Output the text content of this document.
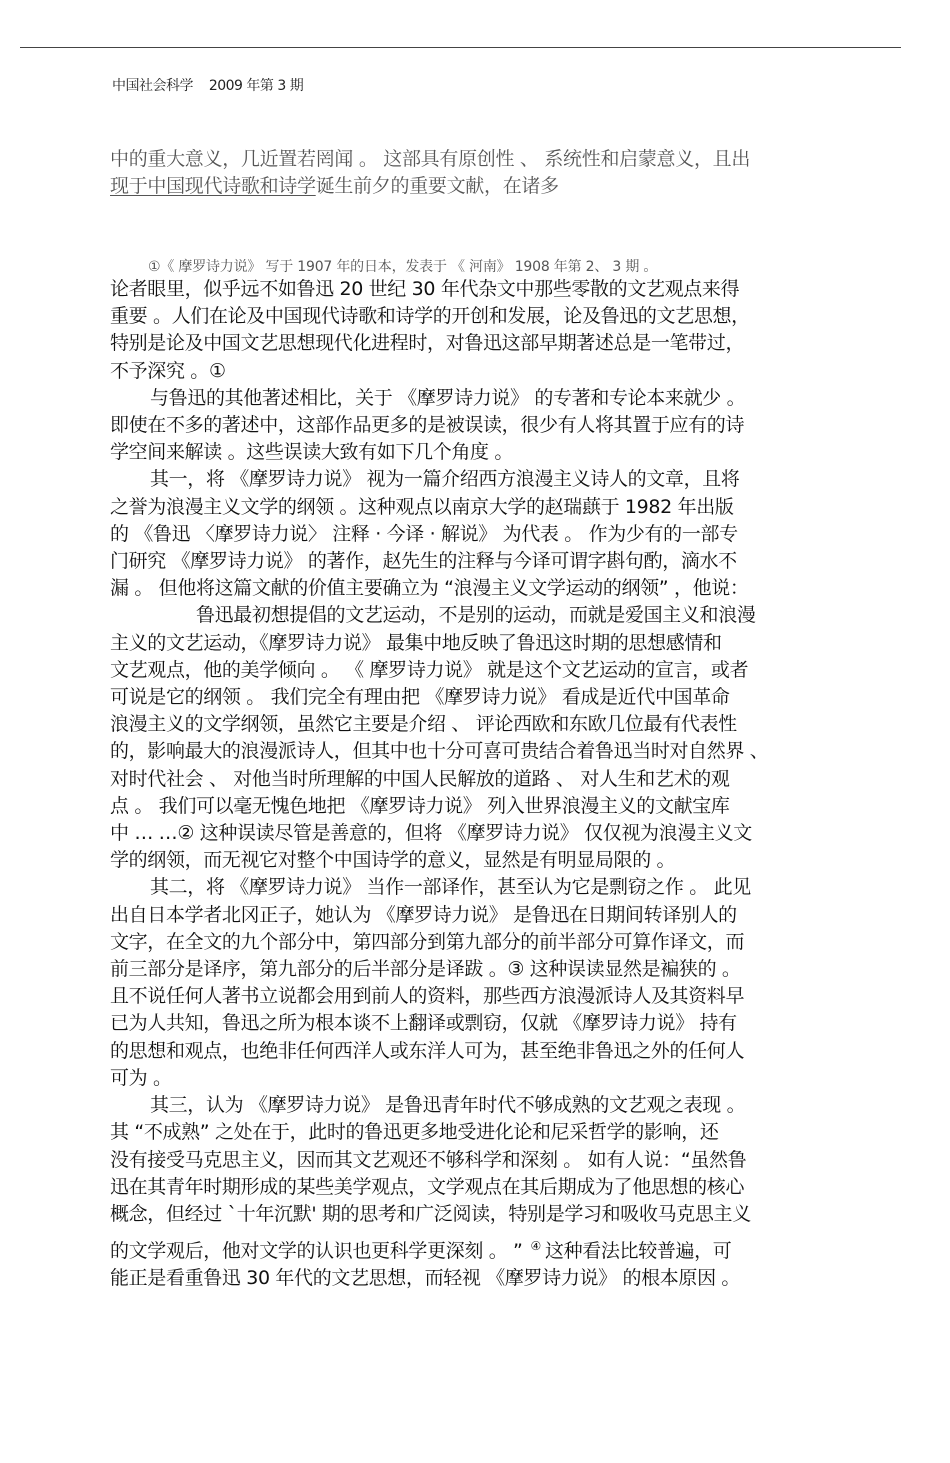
中国社会科学 2009 年第 3 期
中的重大意义，几近置若罔闻 。 这部具有原创性 、 系统性和启蒙意义，且出
现于中国现代诗歌和诗学诞生前夕的重要文献，在诸多
①《 摩罗诗力说》 写于 1907 年的日本，发表于 《 河南》 1908 年第 2、 3 期 。

论者眼里，似乎远不如鲁迅 20 世纪 30 年代杂文中那些零散的文艺观点来得
重要 。人们在论及中国现代诗歌和诗学的开创和发展，论及鲁迅的文艺思想，
特别是论及中国文艺思想现代化进程时，对鲁迅这部早期著述总是一笔带过，
不予深究 。①

与鲁迅的其他著述相比，关于 《摩罗诗力说》 的专著和专论本来就少 。
即使在不多的著述中，这部作品更多的是被误读，很少有人将其置于应有的诗
学空间来解读 。这些误读大致有如下几个角度 。

其一，将 《摩罗诗力说》 视为一篇介绍西方浪漫主义诗人的文章，且将
之誉为浪漫主义文学的纲领 。这种观点以南京大学的赵瑞蕻于 1982 年出版
的 《鲁迅 〈摩罗诗力说〉 注释 · 今译 · 解说》 为代表 。 作为少有的一部专
门研究 《摩罗诗力说》 的著作，赵先生的注释与今译可谓字斟句酌，滴水不
漏 。 但他将这篇文献的价值主要确立为 “浪漫主义文学运动的纲领” ，他说：

鲁迅最初想提倡的文艺运动，不是别的运动，而就是爱国主义和浪漫
主义的文艺运动，《摩罗诗力说》 最集中地反映了鲁迅这时期的思想感情和
文艺观点，他的美学倾向 。 《 摩罗诗力说》 就是这个文艺运动的宣言，或者
可说是它的纲领 。 我们完全有理由把 《摩罗诗力说》 看成是近代中国革命
浪漫主义的文学纲领，虽然它主要是介绍 、 评论西欧和东欧几位最有代表性
的，影响最大的浪漫派诗人，但其中也十分可喜可贵结合着鲁迅当时对自然界 、
对时代社会 、 对他当时所理解的中国人民解放的道路 、 对人生和艺术的观
点 。 我们可以毫无愧色地把 《摩罗诗力说》 列入世界浪漫主义的文献宝库
中 … …② 这种误读尽管是善意的，但将 《摩罗诗力说》 仅仅视为浪漫主义文
学的纲领，而无视它对整个中国诗学的意义，显然是有明显局限的 。

其二，将 《摩罗诗力说》 当作一部译作，甚至认为它是剽窃之作 。 此见
出自日本学者北冈正子，她认为 《摩罗诗力说》 是鲁迅在日期间转译别人的
文字，在全文的九个部分中，第四部分到第九部分的前半部分可算作译文，而
前三部分是译序，第九部分的后半部分是译跋 。③ 这种误读显然是褊狭的 。
且不说任何人著书立说都会用到前人的资料，那些西方浪漫派诗人及其资料早
已为人共知，鲁迅之所为根本谈不上翻译或剽窃，仅就 《摩罗诗力说》 持有
的思想和观点，也绝非任何西洋人或东洋人可为，甚至绝非鲁迅之外的任何人
可为 。

其三，认为 《摩罗诗力说》 是鲁迅青年时代不够成熟的文艺观之表现 。
其 “不成熟” 之处在于，此时的鲁迅更多地受进化论和尼采哲学的影响，还
没有接受马克思主义，因而其文艺观还不够科学和深刻 。 如有人说：“虽然鲁
迅在其青年时期形成的某些美学观点，文学观点在其后期成为了他思想的核心
概念，但经过 `十年沉默' 期的思考和广泛阅读，特别是学习和吸收马克思主义
的文学观后，他对文学的认识也更科学更深刻 。 ” ④ 这种看法比较普遍，可
能正是看重鲁迅 30 年代的文艺思想，而轻视 《摩罗诗力说》 的根本原因 。
